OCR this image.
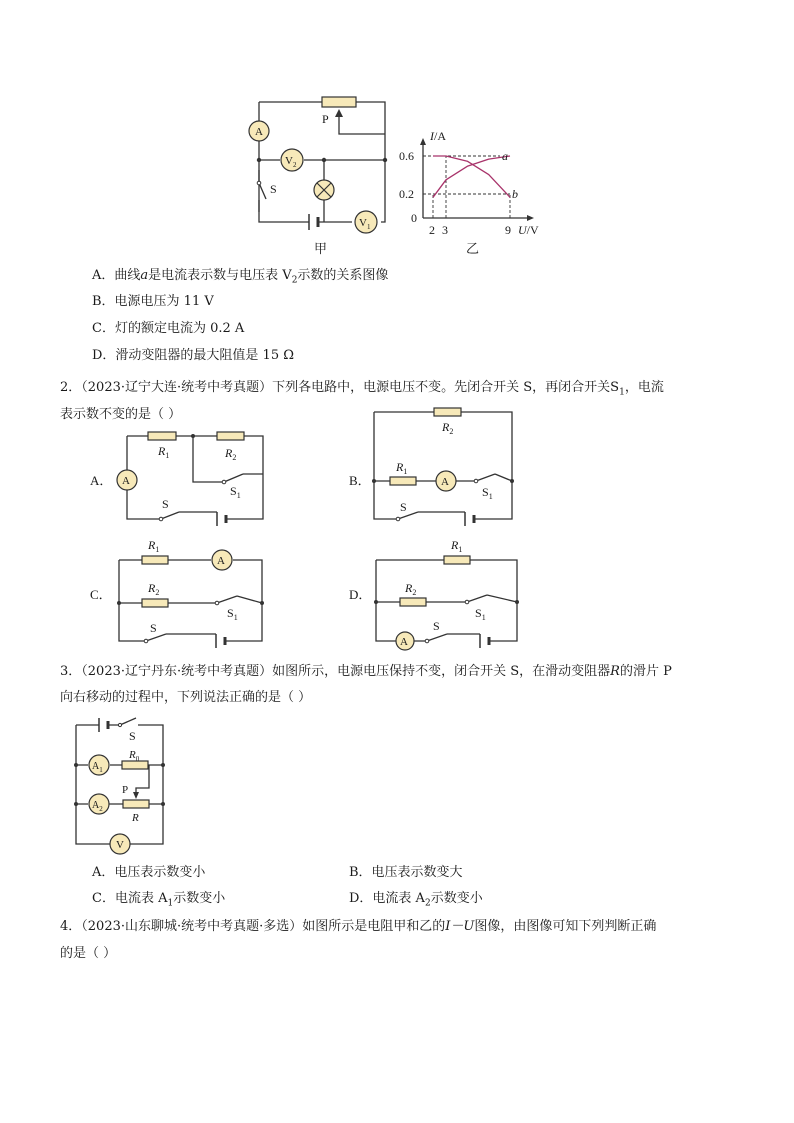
A
$V_2$
$V_1$
P
S
甲
I/A
U/V
0.6
0.2
0
2 3	9
a
b
乙
A．曲线a是电流表示数与电压表 $V_2$示数的关系图像
B．电源电压为 11 V
C．灯的额定电流为 0.2 A
D．滑动变阻器的最大阻值是 15 Ω
2．（2023·辽宁大连·统考中考真题）下列各电路中，电源电压不变。先闭合开关 S，再闭合开关$S_1$，电流
表示数不变的是（ ）
A． A
$R_1$	$R_2$
S
$S_1$
B．	A
$R_2$
$R_1$
S
$S_1$
C．
A
$R_1$
$R_2$
S
$S_1$
D．
A
$R_1$
$R_2$
S
$S_1$
3．（2023·辽宁丹东·统考中考真题）如图所示，电源电压保持不变，闭合开关 S，在滑动变阻器R的滑片 P
向右移动的过程中，下列说法正确的是（ ）
S
$R_0$
P
R
$A_1$
$A_2$
V
A．电压表示数变小	B．电压表示数变大
C．电流表 $A_1$示数变小	D．电流表 $A_2$示数变小
4．（2023·山东聊城·统考中考真题·多选）如图所示是电阻甲和乙的I－U图像，由图像可知下列判断正确
的是（ ）
